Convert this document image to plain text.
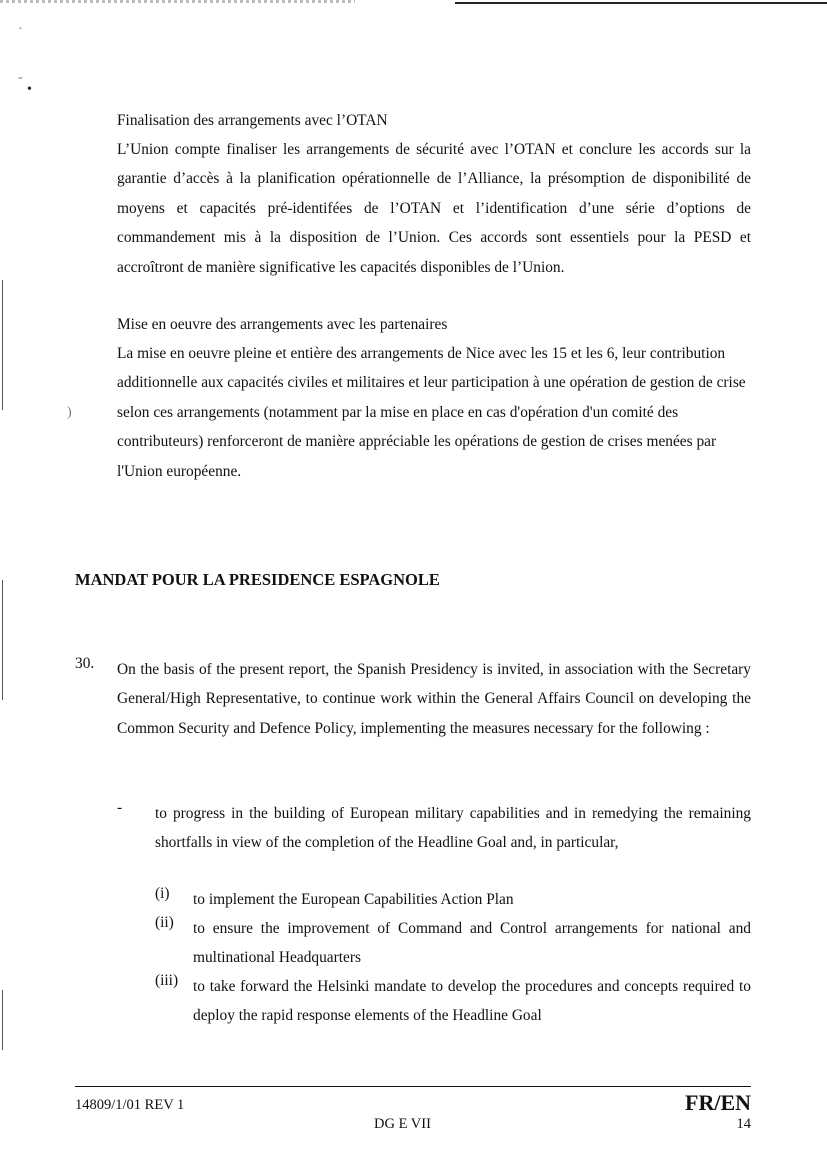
·
-
•
)

Finalisation des arrangements avec l’OTAN

L’Union compte finaliser les arrangements de sécurité avec l’OTAN et conclure les accords sur la garantie d’accès à la planification opérationnelle de l’Alliance, la présomption de disponibilité de moyens et capacités pré-identifées de l’OTAN et l’identification d’une série d’options de commandement mis à la disposition de l’Union. Ces accords sont essentiels pour la PESD et accroîtront de manière significative les capacités disponibles de l’Union.

Mise en oeuvre des arrangements avec les partenaires

La mise en oeuvre pleine et entière des arrangements de Nice avec les 15 et les 6, leur contribution additionnelle aux capacités civiles et militaires et leur participation à une opération de gestion de crise selon ces arrangements (notamment par la mise en place en cas d'opération d'un comité des contributeurs) renforceront de manière appréciable les opérations de gestion de crises menées par l'Union européenne.

MANDAT POUR LA PRESIDENCE ESPAGNOLE
30. On the basis of the present report, the Spanish Presidency is invited, in association with the Secretary General/High Representative, to continue work within the General Affairs Council on developing the Common Security and Defence Policy, implementing the measures necessary for the following :

- to progress in the building of European military capabilities and in remedying the remaining shortfalls in view of the completion of the Headline Goal and, in particular,

(i) to implement the European Capabilities Action Plan

(ii) to ensure the improvement of Command and Control arrangements for national and multinational Headquarters

(iii) to take forward the Helsinki mandate to develop the procedures and concepts required to deploy the rapid response elements of the Headline Goal

14809/1/01 REV 1
DG E VII
FR/EN
14
